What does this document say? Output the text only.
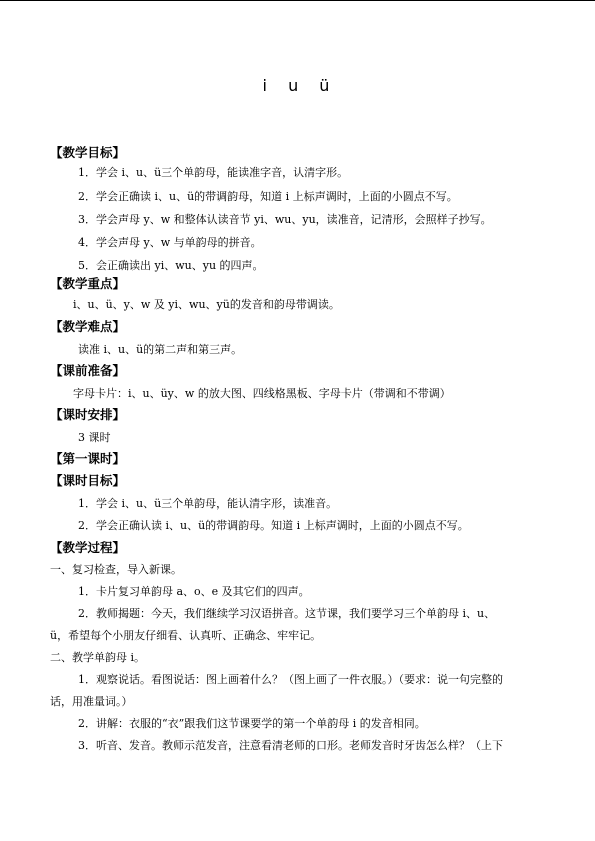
i u ü
【教学目标】
1．学会 i、u、ü三个单韵母，能读准字音，认清字形。
2．学会正确读 i、u、ü的带调韵母，知道 i 上标声调时，上面的小圆点不写。
3．学会声母 y、w 和整体认读音节 yi、wu、yu，读准音，记清形，会照样子抄写。
4．学会声母 y、w 与单韵母的拼音。
5．会正确读出 yi、wu、yu 的四声。
【教学重点】
i、u、ü、y、w 及 yi、wu、yü的发音和韵母带调读。
【教学难点】
读准 i、u、ü的第二声和第三声。
【课前准备】
字母卡片：i、u、üy、w 的放大图、四线格黑板、字母卡片（带调和不带调）
【课时安排】
3 课时
【第一课时】
【课时目标】
1．学会 i、u、ü三个单韵母，能认清字形，读准音。
2．学会正确认读 i、u、ü的带调韵母。知道 i 上标声调时，上面的小圆点不写。
【教学过程】
一、复习检查，导入新课。
1．卡片复习单韵母 a、o、e 及其它们的四声。
2．教师揭题：今天，我们继续学习汉语拼音。这节课，我们要学习三个单韵母 i、u、
ü，希望每个小朋友仔细看、认真听、正确念、牢牢记。
二、教学单韵母 i。
1．观察说话。看图说话：图上画着什么？（图上画了一件衣服。）（要求：说一句完整的
话，用准量词。）
2．讲解：衣服的“衣”跟我们这节课要学的第一个单韵母 i 的发音相同。
3．听音、发音。教师示范发音，注意看清老师的口形。老师发音时牙齿怎么样？（上下
